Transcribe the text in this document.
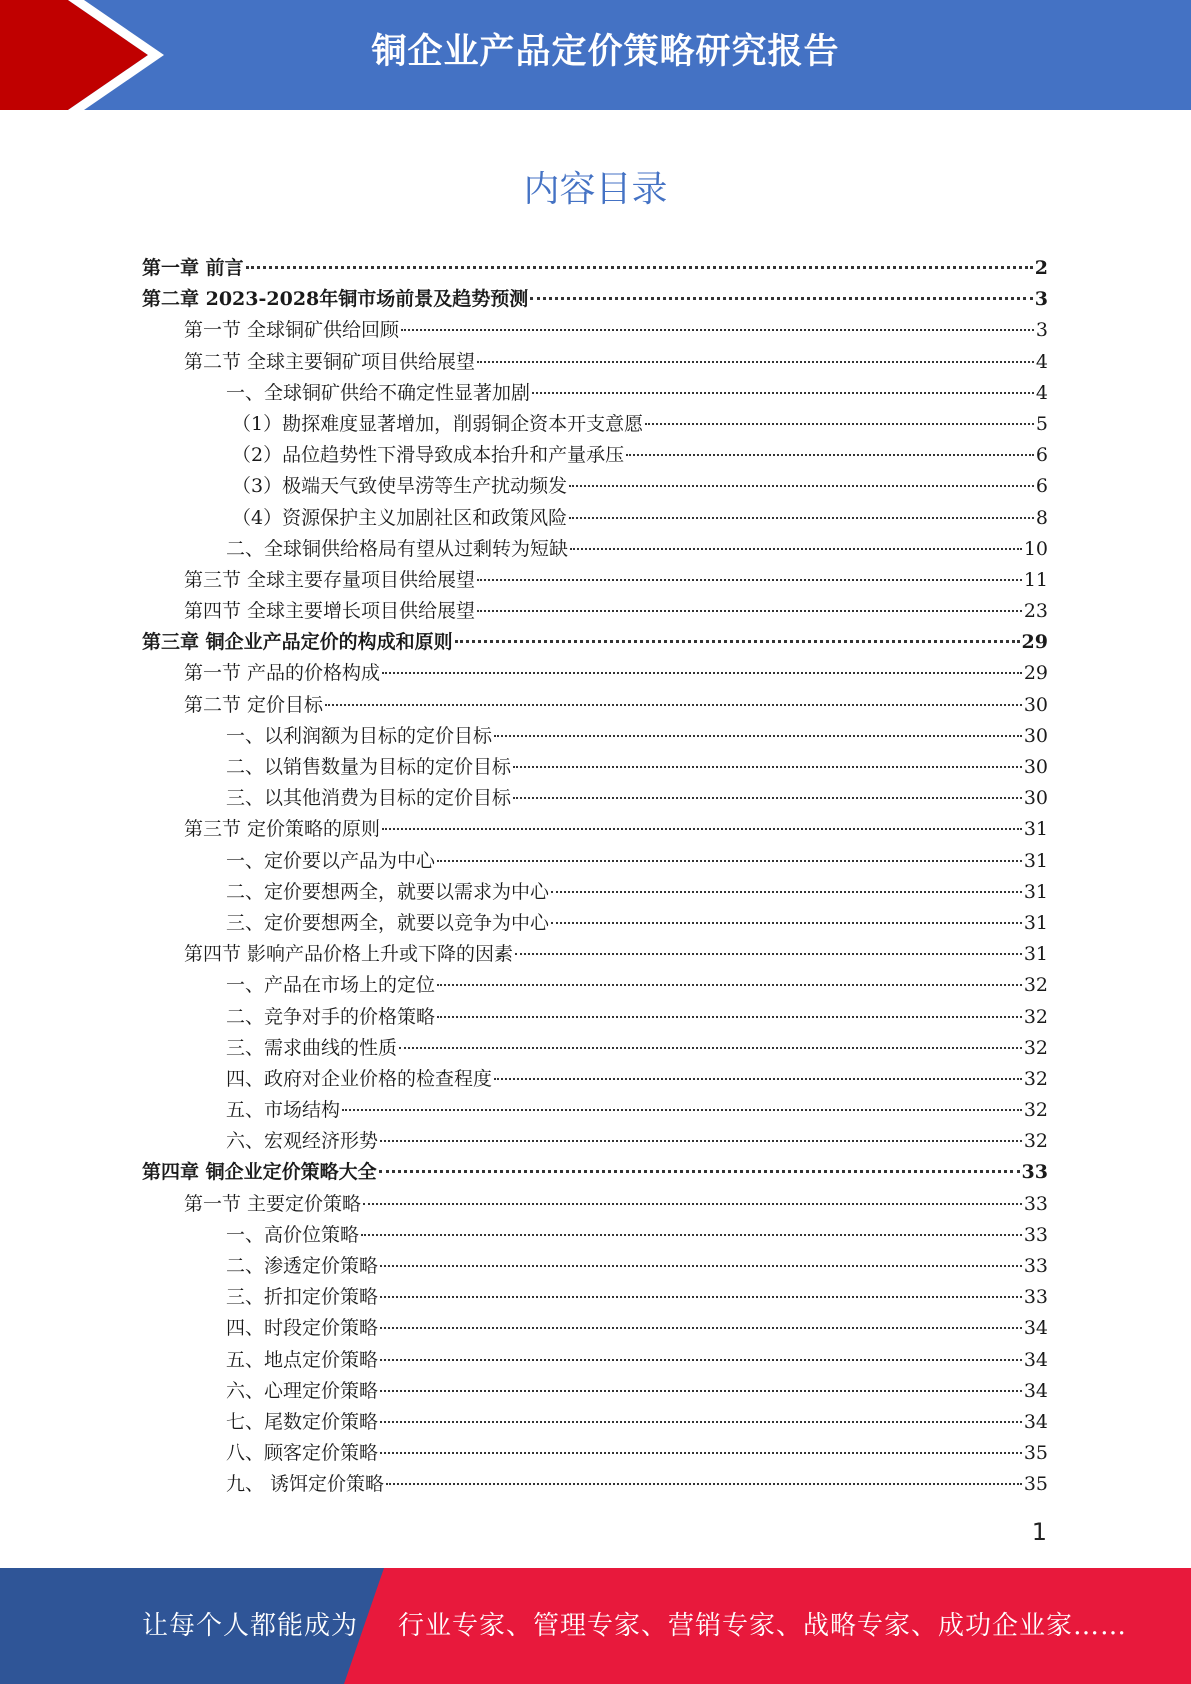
铜企业产品定价策略研究报告
内容目录
第一章 前言	2
第二章 2023-2028年铜市场前景及趋势预测	3
第一节 全球铜矿供给回顾	3
第二节 全球主要铜矿项目供给展望	4
一、全球铜矿供给不确定性显著加剧	4
（1）勘探难度显著增加，削弱铜企资本开支意愿	5
（2）品位趋势性下滑导致成本抬升和产量承压	6
（3）极端天气致使旱涝等生产扰动频发	6
（4）资源保护主义加剧社区和政策风险	8
二、全球铜供给格局有望从过剩转为短缺	10
第三节 全球主要存量项目供给展望	11
第四节 全球主要增长项目供给展望	23
第三章 铜企业产品定价的构成和原则	29
第一节 产品的价格构成	29
第二节 定价目标	30
一、以利润额为目标的定价目标	30
二、以销售数量为目标的定价目标	30
三、以其他消费为目标的定价目标	30
第三节 定价策略的原则	31
一、定价要以产品为中心	31
二、定价要想两全，就要以需求为中心	31
三、定价要想两全，就要以竞争为中心	31
第四节 影响产品价格上升或下降的因素	31
一、产品在市场上的定位	32
二、竞争对手的价格策略	32
三、需求曲线的性质	32
四、政府对企业价格的检查程度	32
五、市场结构	32
六、宏观经济形势	32
第四章 铜企业定价策略大全	33
第一节 主要定价策略	33
一、高价位策略	33
二、渗透定价策略	33
三、折扣定价策略	33
四、时段定价策略	34
五、地点定价策略	34
六、心理定价策略	34
七、尾数定价策略	34
八、顾客定价策略	35
九、 诱饵定价策略	35
1
让每个人都能成为 行业专家、管理专家、营销专家、战略专家、成功企业家……
